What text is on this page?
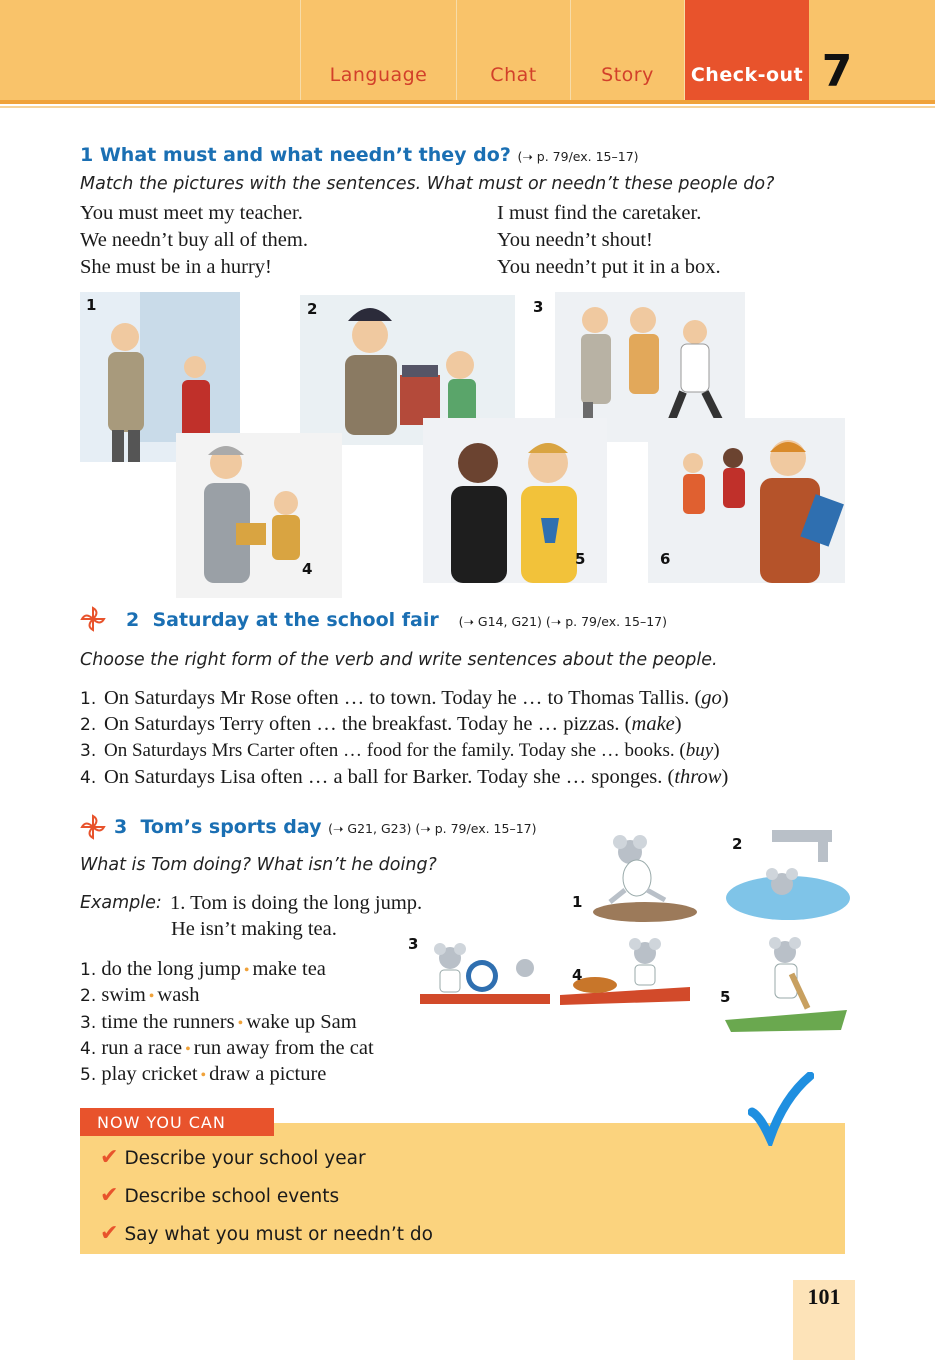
Language	Chat	Story	Check-out 7
1 What must and what needn’t they do? (➝ p. 79/ex. 15–17)
Match the pictures with the sentences. What must or needn’t these people do?
You must meet my teacher.
We needn’t buy all of them.
She must be in a hurry!
I must find the caretaker.
You needn’t shout!
You needn’t put it in a box.
1	2	3
4
5	6
2 Saturday at the school fair (➝ G14, G21) (➝ p. 79/ex. 15–17)
Choose the right form of the verb and write sentences about the people.
1. On Saturdays Mr Rose often … to town. Today he … to Thomas Tallis. (go)
2. On Saturdays Terry often … the breakfast. Today he … pizzas. (make)
3. On Saturdays Mrs Carter often … food for the family. Today she … books. (buy)
4. On Saturdays Lisa often … a ball for Barker. Today she … sponges. (throw)
3 Tom’s sports day (➝ G21, G23) (➝ p. 79/ex. 15–17)
What is Tom doing? What isn’t he doing?
Example: 1. Tom is doing the long jump.
He isn’t making tea.
1. do the long jump • make tea
2. swim • wash
3. time the runners • wake up Sam
4. run a race • run away from the cat
5. play cricket • draw a picture
1
2
3
4
5
NOW YOU CAN
✔ Describe your school year
✔ Describe school events
✔ Say what you must or needn’t do
101
